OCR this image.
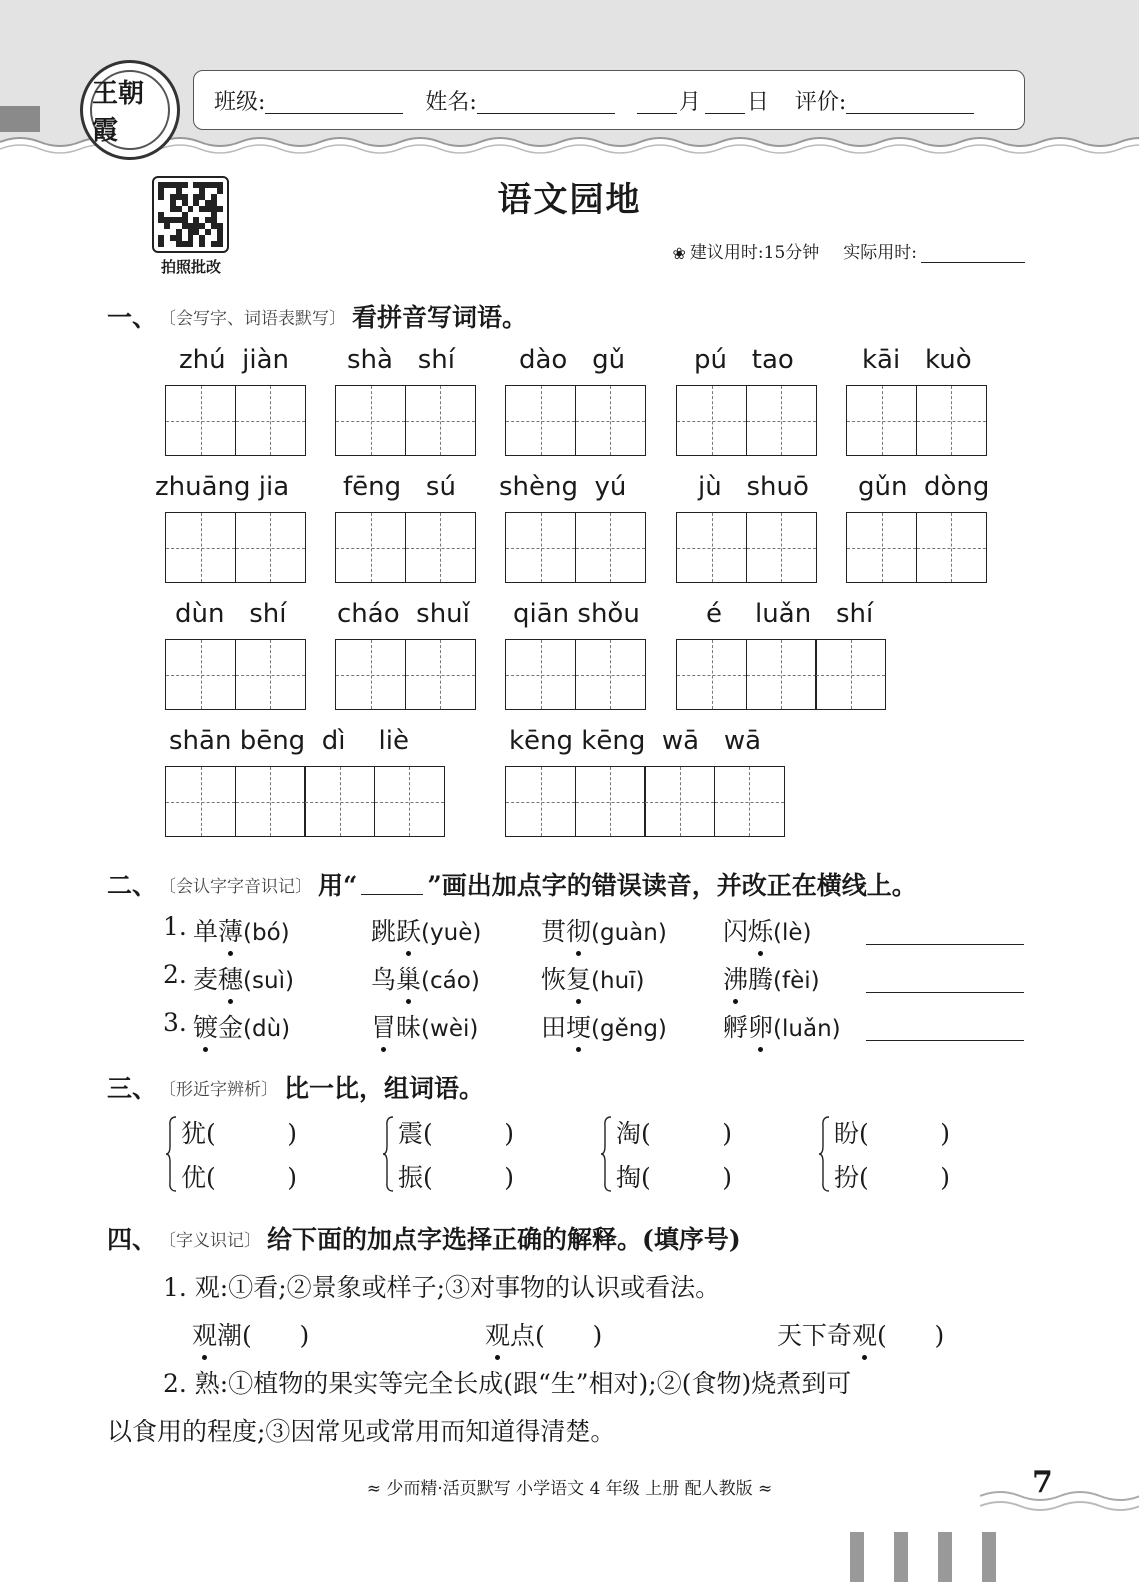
王朝霞
班级:	姓名:	月 日 评价:
拍照批改
语文园地
❀ 建议用时:15分钟 实际用时:
一、 〔会写字、词语表默写〕 看拼音写词语。
zhú  jiàn shà   shí dào   gǔ	pú   tao	kāi   kuò
zhuāng jia fēng   sú shèng  yú	jù   shuō gǔn  dòng
dùn   shí cháo  shuǐ qiān shǒu	é    luǎn   shí
shān bēng  dì    liè	kēng kēng  wā   wā
二、 〔会认字字音识记〕 用“	”画出加点字的错误读音，并改正在横线上。
1. 单薄(bó)	跳跃(yuè) 贯彻(guàn) 闪烁(lè)
2. 麦穗(suì)	鸟巢(cáo) 恢复(huī)	沸腾(fèi)
3. 镀金(dù)	冒昧(wèi)	田埂(gěng) 孵卵(luǎn)
三、 〔形近字辨析〕 比一比，组词语。
犹(         )
优(         )
震(         )
振(         )
淘(         )
掏(         )
盼(         )
扮(         )
四、 〔字义识记〕 给下面的加点字选择正确的解释。(填序号)
1. 观:①看;②景象或样子;③对事物的认识或看法。
观潮(      )	观点(      )	天下奇观(      )
2. 熟:①植物的果实等完全长成(跟“生”相对);②(食物)烧煮到可
以食用的程度;③因常见或常用而知道得清楚。
≈ 少而精·活页默写 小学语文 4 年级 上册 配人教版 ≈	7
